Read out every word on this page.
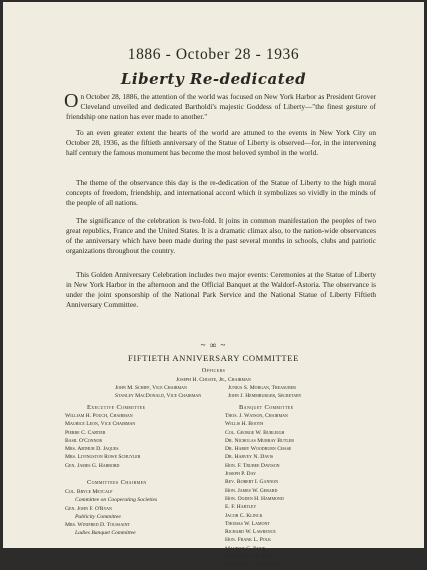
1886 - October 28 - 1936
Liberty Re-dedicated
On October 28, 1886, the attention of the world was focused on New York Harbor as President Grover Cleveland unveiled and dedicated Bartholdi's majestic Goddess of Liberty—"the finest gesture of friendship one nation has ever made to another."
To an even greater extent the hearts of the world are attuned to the events in New York City on October 28, 1936, as the fiftieth anniversary of the Statue of Liberty is observed—for, in the intervening half century the famous monument has become the most beloved symbol in the world.
The theme of the observance this day is the re-dedication of the Statue of Liberty to the high moral concepts of freedom, friendship, and international accord which it symbolizes so vividly in the minds of the people of all nations.
The significance of the celebration is two-fold. It joins in common manifestation the peoples of two great republics, France and the United States. It is a dramatic climax also, to the nation-wide observances of the anniversary which have been made during the past several months in schools, clubs and patriotic organizations throughout the country.
This Golden Anniversary Celebration includes two major events: Ceremonies at the Statue of Liberty in New York Harbor in the afternoon and the Official Banquet at the Waldorf-Astoria. The observance is under the joint sponsorship of the National Park Service and the National Statue of Liberty Fiftieth Anniversary Committee.
~ ∞ ~
FIFTIETH ANNIVERSARY COMMITTEE
Officers
Joseph H. Choate, Jr., Chairman
John M. Schiff, Vice Chairman
Stanley MacDonald, Vice Chairman
Junius S. Morgan, Treasurer
John J. Hemmburger, Secretary
Executive Committee
William H. Pouch, Chairman
Maurice Leon, Vice Chairman
Pierre C. Cartier
Basil O'Connor
Mrs. Arthur D. Jaques
Mrs. Livingston Rowe Schuyler
Gen. James G. Harbord
Committees Chairmen
Col. Bryce Metcalf
Committee on Cooperating Societies
Gen. John F. O'Ryan
Publicity Committee
Mrs. Winifred D. Toussaint
Ladies Banquet Committee
Banquet Committee
Thos. J. Watson, Chairman
Willis H. Booth
Col. George W. Burleigh
Dr. Nicholas Murray Butler
Dr. Harry Woodburn Chase
Dr. Harvey N. Davis
Hon. F. Trubee Davison
Joseph P. Day
Rev. Robert I. Gannon
Hon. James W. Gerard
Hon. Ogden H. Hammond
E. F. Hartley
Jacob C. Klinck
Thomas W. Lamont
Richard W. Lawrence
Hon. Frank L. Polk
Maurice G. Roux
Hon. Alfred E. Smith
William K. Vanderbilt
